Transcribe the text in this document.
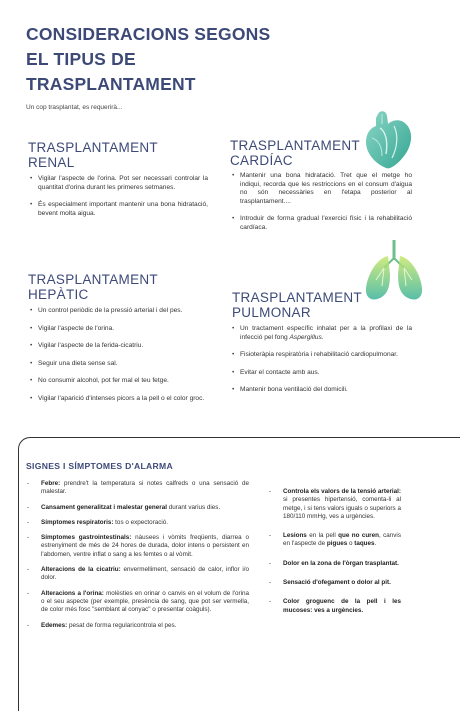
CONSIDERACIONS SEGONS
EL TIPUS DE
TRASPLANTAMENT
Un cop trasplantat, es requerirà...
TRASPLANTAMENT
RENAL
• Vigilar l'aspecte de l'orina. Pot ser necessari controlar la quantitat d'orina durant les primeres setmanes.
• És especialment important mantenir una bona hidratació, bevent molta aigua.
TRASPLANTAMENT
CARDÍAC
• Mantenir una bona hidratació. Tret que el metge ho indiqui, recorda que les restriccions en el consum d'aigua no són necessàries en l'etapa posterior al trasplantament....
• Introduir de forma gradual l'exercici físic i la rehabilitació cardíaca.
TRASPLANTAMENT
HEPÀTIC
• Un control periòdic de la pressió arterial i del pes.
• Vigilar l'aspecte de l'orina.
• Vigilar l'aspecte de la ferida-cicatriu.
• Seguir una dieta sense sal.
• No consumir alcohol, pot fer mal el teu fetge.
• Vigilar l'aparició d'intenses picors a la pell o el color groc.
TRASPLANTAMENT
PULMONAR
• Un tractament específic inhalat per a la profilaxi de la infecció pel fong Aspergillus.
• Fisioteràpia respiratòria i rehabilitació cardiopulmonar.
• Evitar el contacte amb aus.
• Mantenir bona ventilació del domicili.
SIGNES I SÍMPTOMES D'ALARMA
- Febre: prendre't la temperatura si notes calfreds o una sensació de malestar.
- Cansament generalitzat i malestar general durant varius dies.
- Símptomes respiratoris: tos o expectoració.
- Símptomes gastrointestinals: nàusees i vòmits freqüents, diarrea o estrenyiment de més de 24 hores de durada, dolor intens o persistent en l'abdomen, ventre inflat o sang a les femtes o al vòmit.
- Alteracions de la cicatriu: envermelliment, sensació de calor, inflor i/o dolor.
- Alteracions a l'orina: molèsties en orinar o canvis en el volum de l'orina o el seu aspecte (per exemple, presència de sang, que pot ser vermella, de color més fosc "semblant al conyac" o presentar coàguls).
- Edemes: pesat de forma regularicontrola el pes.
- Controla els valors de la tensió arterial: si presentes hipertensió, comenta-li al metge, i si tens valors iguals o superiors a 180/110 mmHg, ves a urgències.
- Lesions en la pell que no curen, canvis en l'aspecte de pigues o taques.
- Dolor en la zona de l'òrgan trasplantat.
- Sensació d'ofegament o dolor al pit.
- Color groguenc de la pell i les mucoses: ves a urgències.
